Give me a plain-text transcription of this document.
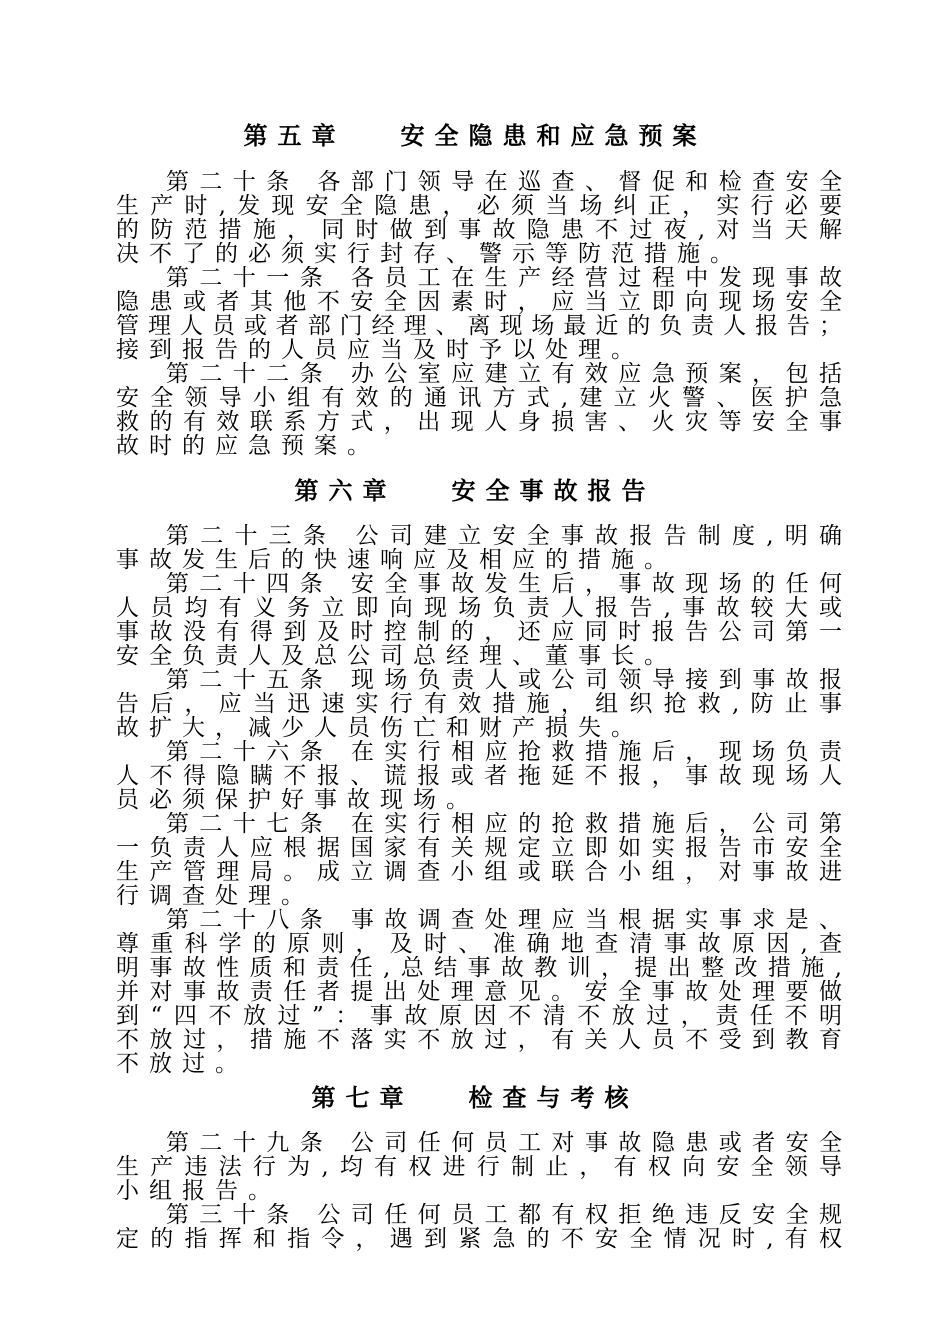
第五章   安全隐患和应急预案
第二十条 各部门领导在巡查、督促和检查安全
生产时,发现安全隐患，必须当场纠正，实行必要
的防范措施，同时做到事故隐患不过夜,对当天解
决不了的必须实行封存、警示等防范措施。
第二十一条 各员工在生产经营过程中发现事故
隐患或者其他不安全因素时，应当立即向现场安全
管理人员或者部门经理、离现场最近的负责人报告；
接到报告的人员应当及时予以处理。
第二十二条 办公室应建立有效应急预案，包括
安全领导小组有效的通讯方式,建立火警、医护急
救的有效联系方式，出现人身损害、火灾等安全事
故时的应急预案。
第六章   安全事故报告
第二十三条 公司建立安全事故报告制度,明确
事故发生后的快速响应及相应的措施。
第二十四条 安全事故发生后，事故现场的任何
人员均有义务立即向现场负责人报告,事故较大或
事故没有得到及时控制的，还应同时报告公司第一
安全负责人及总公司总经理、董事长。
第二十五条 现场负责人或公司领导接到事故报
告后，应当迅速实行有效措施，组织抢救,防止事
故扩大，减少人员伤亡和财产损失。
第二十六条 在实行相应抢救措施后，现场负责
人不得隐瞒不报、谎报或者拖延不报，事故现场人
员必须保护好事故现场。
第二十七条 在实行相应的抢救措施后，公司第
一负责人应根据国家有关规定立即如实报告市安全
生产管理局。成立调查小组或联合小组，对事故进
行调查处理。
第二十八条 事故调查处理应当根据实事求是、
尊重科学的原则，及时、准确地查清事故原因,查
明事故性质和责任,总结事故教训，提出整改措施,
并对事故责任者提出处理意见。安全事故处理要做
到“四不放过”：事故原因不清不放过，责任不明
不放过，措施不落实不放过，有关人员不受到教育
不放过。
第七章   检查与考核
第二十九条 公司任何员工对事故隐患或者安全
生产违法行为,均有权进行制止，有权向安全领导
小组报告。
第三十条 公司任何员工都有权拒绝违反安全规
定的指挥和指令，遇到紧急的不安全情况时,有权
